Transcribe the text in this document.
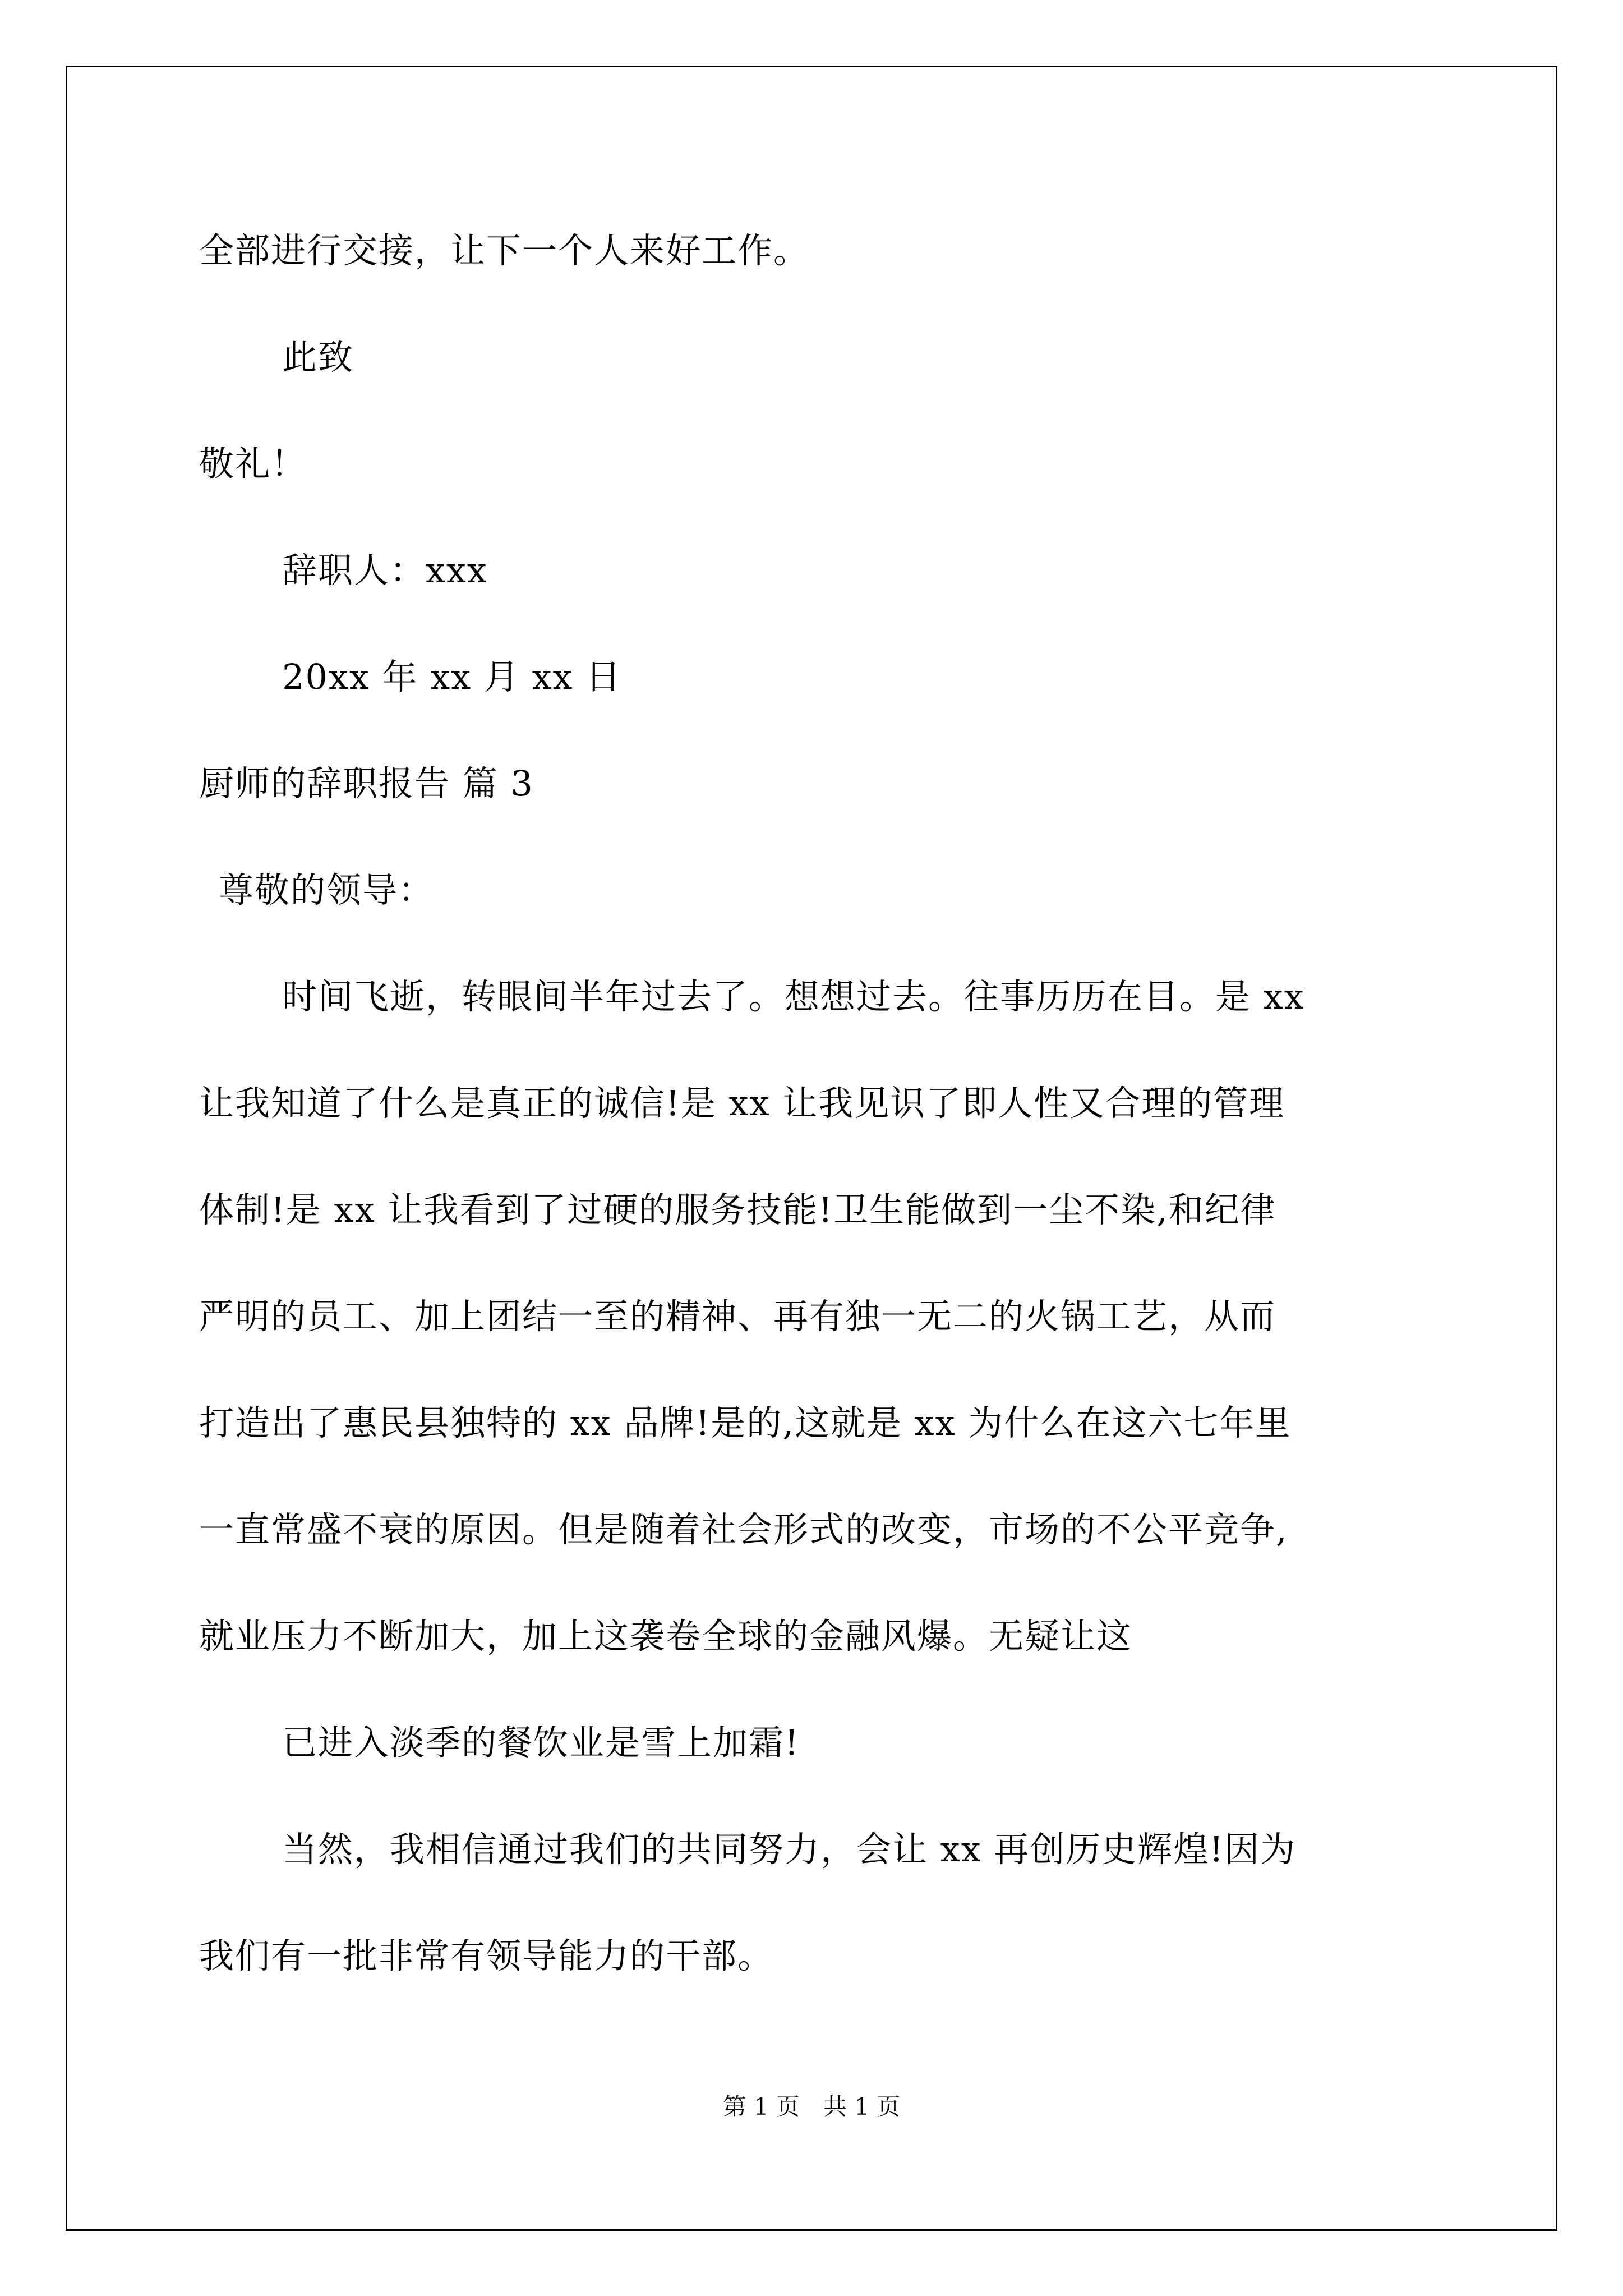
全部进行交接，让下一个人来好工作。
此致
敬礼！
辞职人：xxx
20xx 年 xx 月 xx 日
厨师的辞职报告 篇 3
尊敬的领导：
时间飞逝，转眼间半年过去了。想想过去。往事历历在目。是 xx
让我知道了什么是真正的诚信!是 xx 让我见识了即人性又合理的管理
体制!是 xx 让我看到了过硬的服务技能!卫生能做到一尘不染,和纪律
严明的员工、加上团结一至的精神、再有独一无二的火锅工艺，从而
打造出了惠民县独特的 xx 品牌!是的,这就是 xx 为什么在这六七年里
一直常盛不衰的原因。但是随着社会形式的改变，市场的不公平竞争,
就业压力不断加大，加上这袭卷全球的金融风爆。无疑让这
已进入淡季的餐饮业是雪上加霜!
当然，我相信通过我们的共同努力，会让 xx 再创历史辉煌!因为
我们有一批非常有领导能力的干部。
第 1 页　共 1 页
